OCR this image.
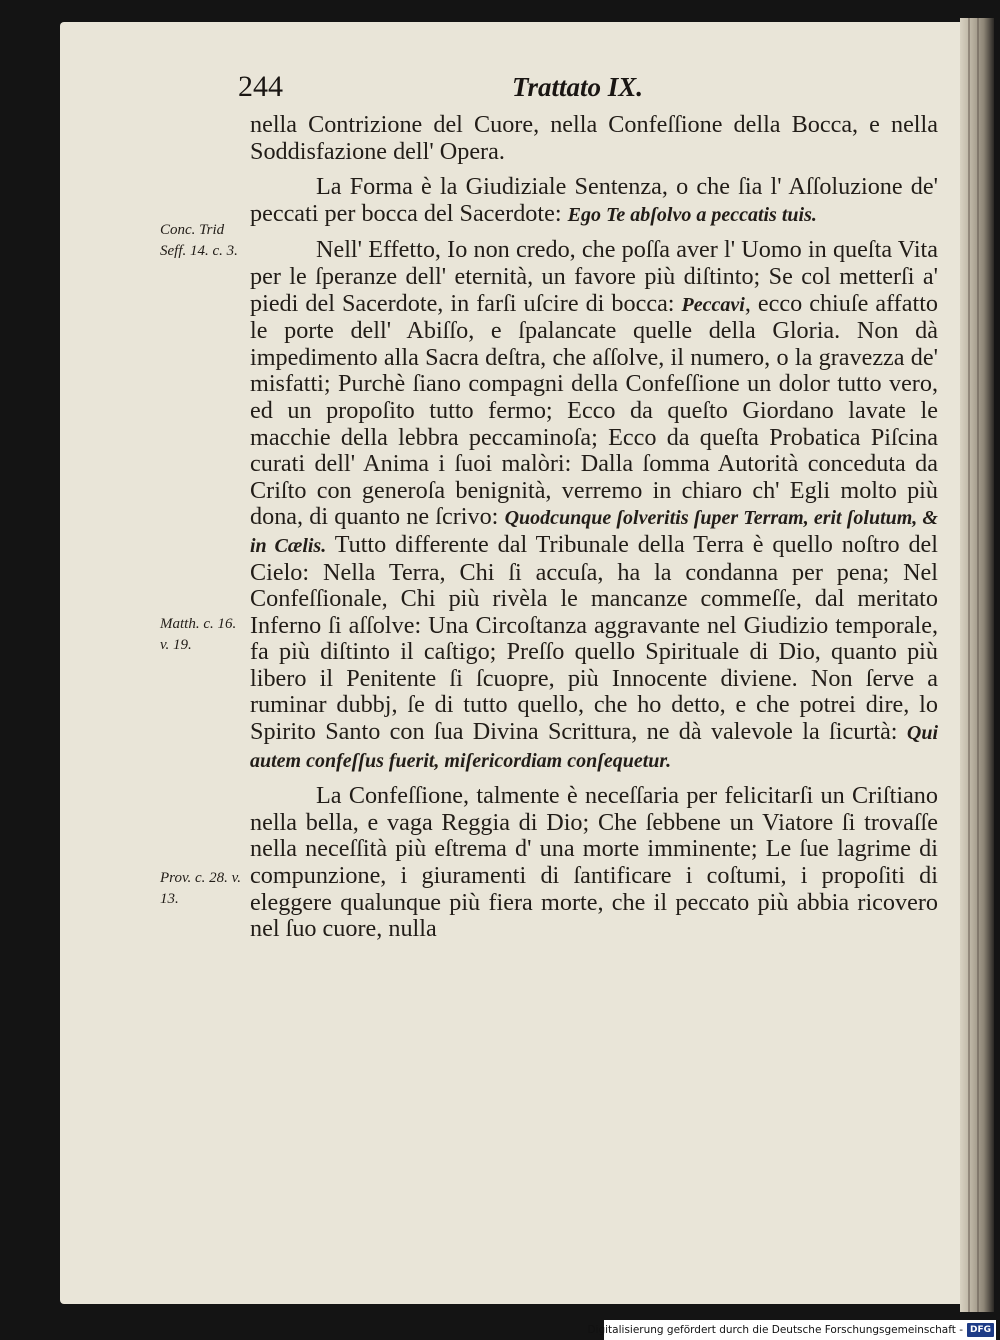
244	Trattato IX.
Conc. Trid Seff. 14. c. 3.
Matth. c. 16. v. 19.
Prov. c. 28. v. 13.

nella Contrizione del Cuore, nella Confeſſione della Bocca, e nella Soddisfazione dell' Opera.

La Forma è la Giudiziale Sentenza, o che ſia l' Aſſoluzione de' peccati per bocca del Sacerdote: Ego Te abſolvo a peccatis tuis.

Nell' Effetto, Io non credo, che poſſa aver l' Uomo in queſta Vita per le ſperanze dell' eternità, un favore più diſtinto; Se col metterſi a' piedi del Sacerdote, in farſi uſcire di bocca: Peccavi, ecco chiuſe affatto le porte dell' Abiſſo, e ſpalancate quelle della Gloria. Non dà impedimento alla Sacra deſtra, che aſſolve, il numero, o la gravezza de' misfatti; Purchè ſiano compagni della Confeſſione un dolor tutto vero, ed un propoſito tutto fermo; Ecco da queſto Giordano lavate le macchie della lebbra peccaminoſa; Ecco da queſta Probatica Piſcina curati dell' Anima i ſuoi malòri: Dalla ſomma Autorità conceduta da Criſto con generoſa benignità, verremo in chiaro ch' Egli molto più dona, di quanto ne ſcrivo: Quodcunque ſolveritis ſuper Terram, erit ſolutum, & in Cælis. Tutto differente dal Tribunale della Terra è quello noſtro del Cielo: Nella Terra, Chi ſi accuſa, ha la condanna per pena; Nel Confeſſionale, Chi più rivèla le mancanze commeſſe, dal meritato Inferno ſi aſſolve: Una Circoſtanza aggravante nel Giudizio temporale, fa più diſtinto il caſtigo; Preſſo quello Spirituale di Dio, quanto più libero il Penitente ſi ſcuopre, più Innocente diviene. Non ſerve a ruminar dubbj, ſe di tutto quello, che ho detto, e che potrei dire, lo Spirito Santo con ſua Divina Scrittura, ne dà valevole la ſicurtà: Qui autem confeſſus fuerit, miſericordiam conſequetur.

La Confeſſione, talmente è neceſſaria per felicitarſi un Criſtiano nella bella, e vaga Reggia di Dio; Che ſebbene un Viatore ſi trovaſſe nella neceſſità più eſtrema d' una morte imminente; Le ſue lagrime di compunzione, i giuramenti di ſantificare i coſtumi, i propoſiti di eleggere qualunque più fiera morte, che il peccato più abbia ricovero nel ſuo cuore, nulla

Digitalisierung gefördert durch die Deutsche Forschungsgemeinschaft - DFG
